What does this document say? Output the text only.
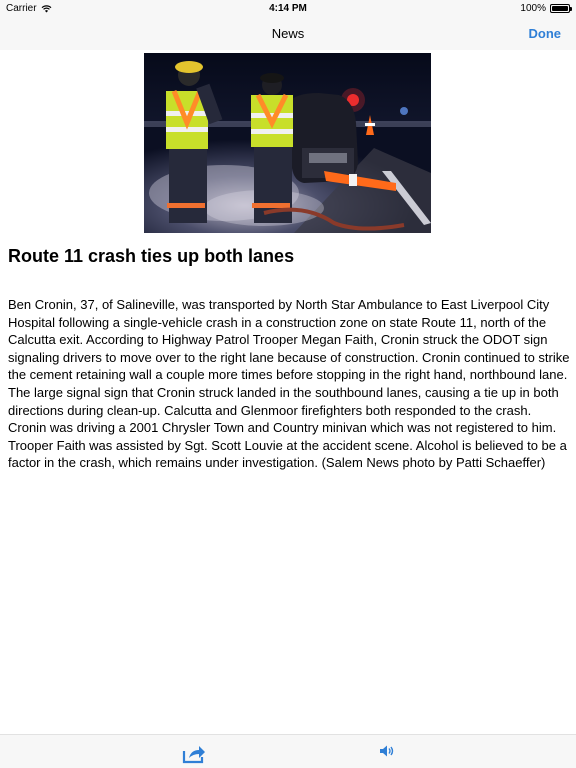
Carrier	4:14 PM	100%
News	Done
Route 11 crash ties up both lanes

Ben Cronin, 37, of Salineville, was transported by North Star Ambulance to East Liverpool City Hospital following a single-vehicle crash in a construction zone on state Route 11, north of the Calcutta exit. According to Highway Patrol Trooper Megan Faith, Cronin struck the ODOT sign signaling drivers to move over to the right lane because of construction. Cronin continued to strike the cement retaining wall a couple more times before stopping in the right hand, northbound lane. The large signal sign that Cronin struck landed in the southbound lanes, causing a tie up in both directions during clean-up. Calcutta and Glenmoor firefighters both responded to the crash. Cronin was driving a 2001 Chrysler Town and Country minivan which was not registered to him. Trooper Faith was assisted by Sgt. Scott Louvie at the accident scene. Alcohol is believed to be a factor in the crash, which remains under investigation. (Salem News photo by Patti Schaeffer)
